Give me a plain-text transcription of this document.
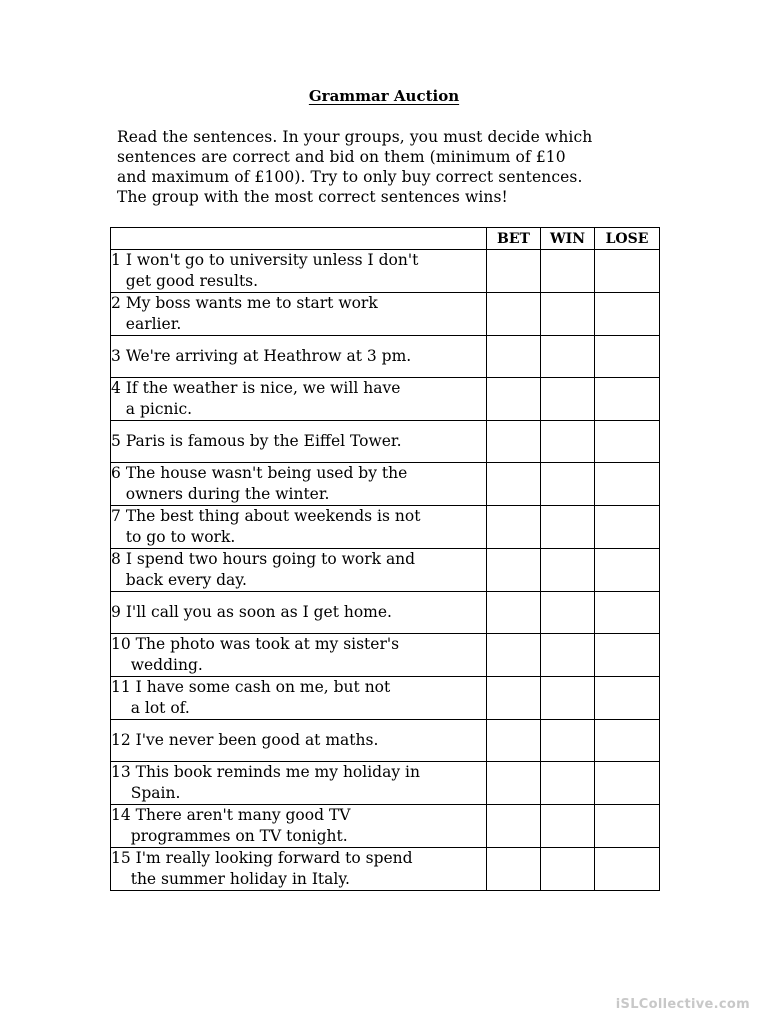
Grammar Auction
Read the sentences. In your groups, you must decide which
sentences are correct and bid on them (minimum of £10
and maximum of £100). Try to only buy correct sentences.
The group with the most correct sentences wins!
	BET	WIN	LOSE

1 I won't go to university unless I don't
get good results.			

2 My boss wants me to start work
earlier.			

3 We're arriving at Heathrow at 3 pm.			

4 If the weather is nice, we will have
a picnic.			

5 Paris is famous by the Eiffel Tower.			

6 The house wasn't being used by the
owners during the winter.			

7 The best thing about weekends is not
to go to work.			

8 I spend two hours going to work and
back every day.			

9 I'll call you as soon as I get home.			

10 The photo was took at my sister's
wedding.			

11 I have some cash on me, but not
a lot of.			

12 I've never been good at maths.			

13 This book reminds me my holiday in
Spain.			

14 There aren't many good TV
programmes on TV tonight.			

15 I'm really looking forward to spend
the summer holiday in Italy.			

iSLCollective.com
